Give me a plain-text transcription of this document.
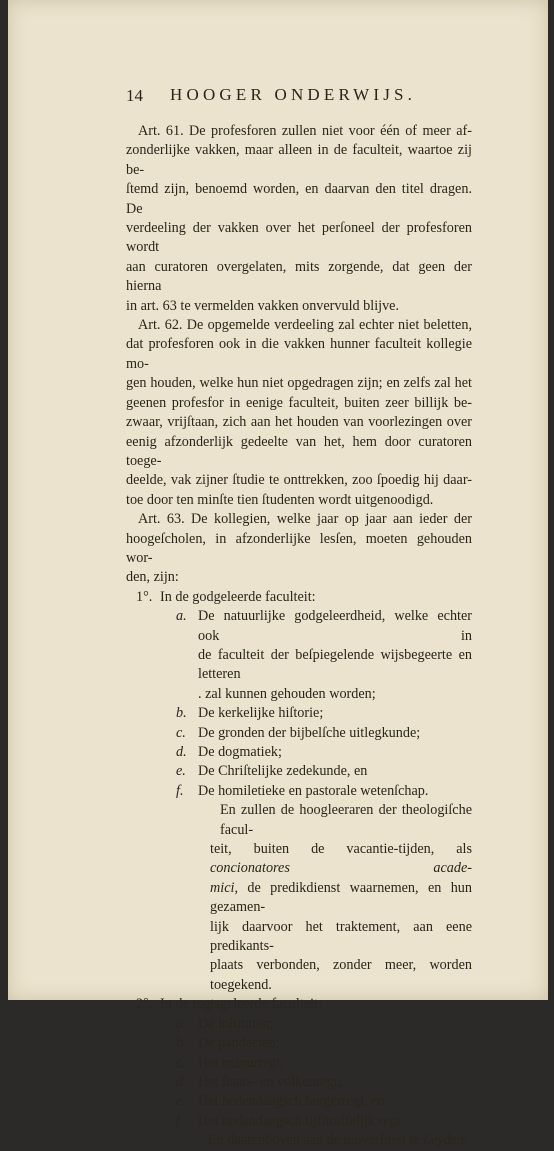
14 HOOGER ONDERWIJS.
Art. 61. De profesforen zullen niet voor één of meer af-
zonderlijke vakken, maar alleen in de faculteit, waartoe zij be-
ſtemd zijn, benoemd worden, en daarvan den titel dragen. De
verdeeling der vakken over het perſoneel der profesforen wordt
aan curatoren overgelaten, mits zorgende, dat geen der hierna
in art. 63 te vermelden vakken onvervuld blijve.
Art. 62. De opgemelde verdeeling zal echter niet beletten,
dat profesforen ook in die vakken hunner faculteit kollegie mo-
gen houden, welke hun niet opgedragen zijn; en zelfs zal het
geenen profesfor in eenige faculteit, buiten zeer billijk be-
zwaar, vrijſtaan, zich aan het houden van voorlezingen over
eenig afzonderlijk gedeelte van het, hem door curatoren toege-
deelde, vak zijner ſtudie te onttrekken, zoo ſpoedig hij daar-
toe door ten minſte tien ſtudenten wordt uitgenoodigd.
Art. 63. De kollegien, welke jaar op jaar aan ieder der
hoogeſcholen, in afzonderlijke lesſen, moeten gehouden wor-
den, zijn:
1°. In de godgeleerde faculteit:
a. De natuurlijke godgeleerdheid, welke echter ook in
de faculteit der beſpiegelende wijsbegeerte en letteren
. zal kunnen gehouden worden;
b. De kerkelijke hiſtorie;
c. De gronden der bijbelſche uitlegkunde;
d. De dogmatiek;
e. De Chriſtelijke zedekunde, en
f.	De homiletieke en pastorale wetenſchap.
En zullen de hoogleeraren der theologiſche facul-
teit, buiten de vacantie-tijden, als concionatores acade-
mici, de predikdienst waarnemen, en hun gezamen-
lijk daarvoor het traktement, aan eene predikants-
plaats verbonden, zonder meer, worden toegekend.
2°. In de regtsgeleerde faculteit:
a. De inſtituten;
b. De pandecten;
c. Het natuurregt;
d. Het ſtaats- en volkenregt;
e. Het hedendaagsch burgerregt, en
f.	Het hedendaagsch lijfſtraffelijk regt.
En daarenboven aan de univerſiteit te Leyden:
